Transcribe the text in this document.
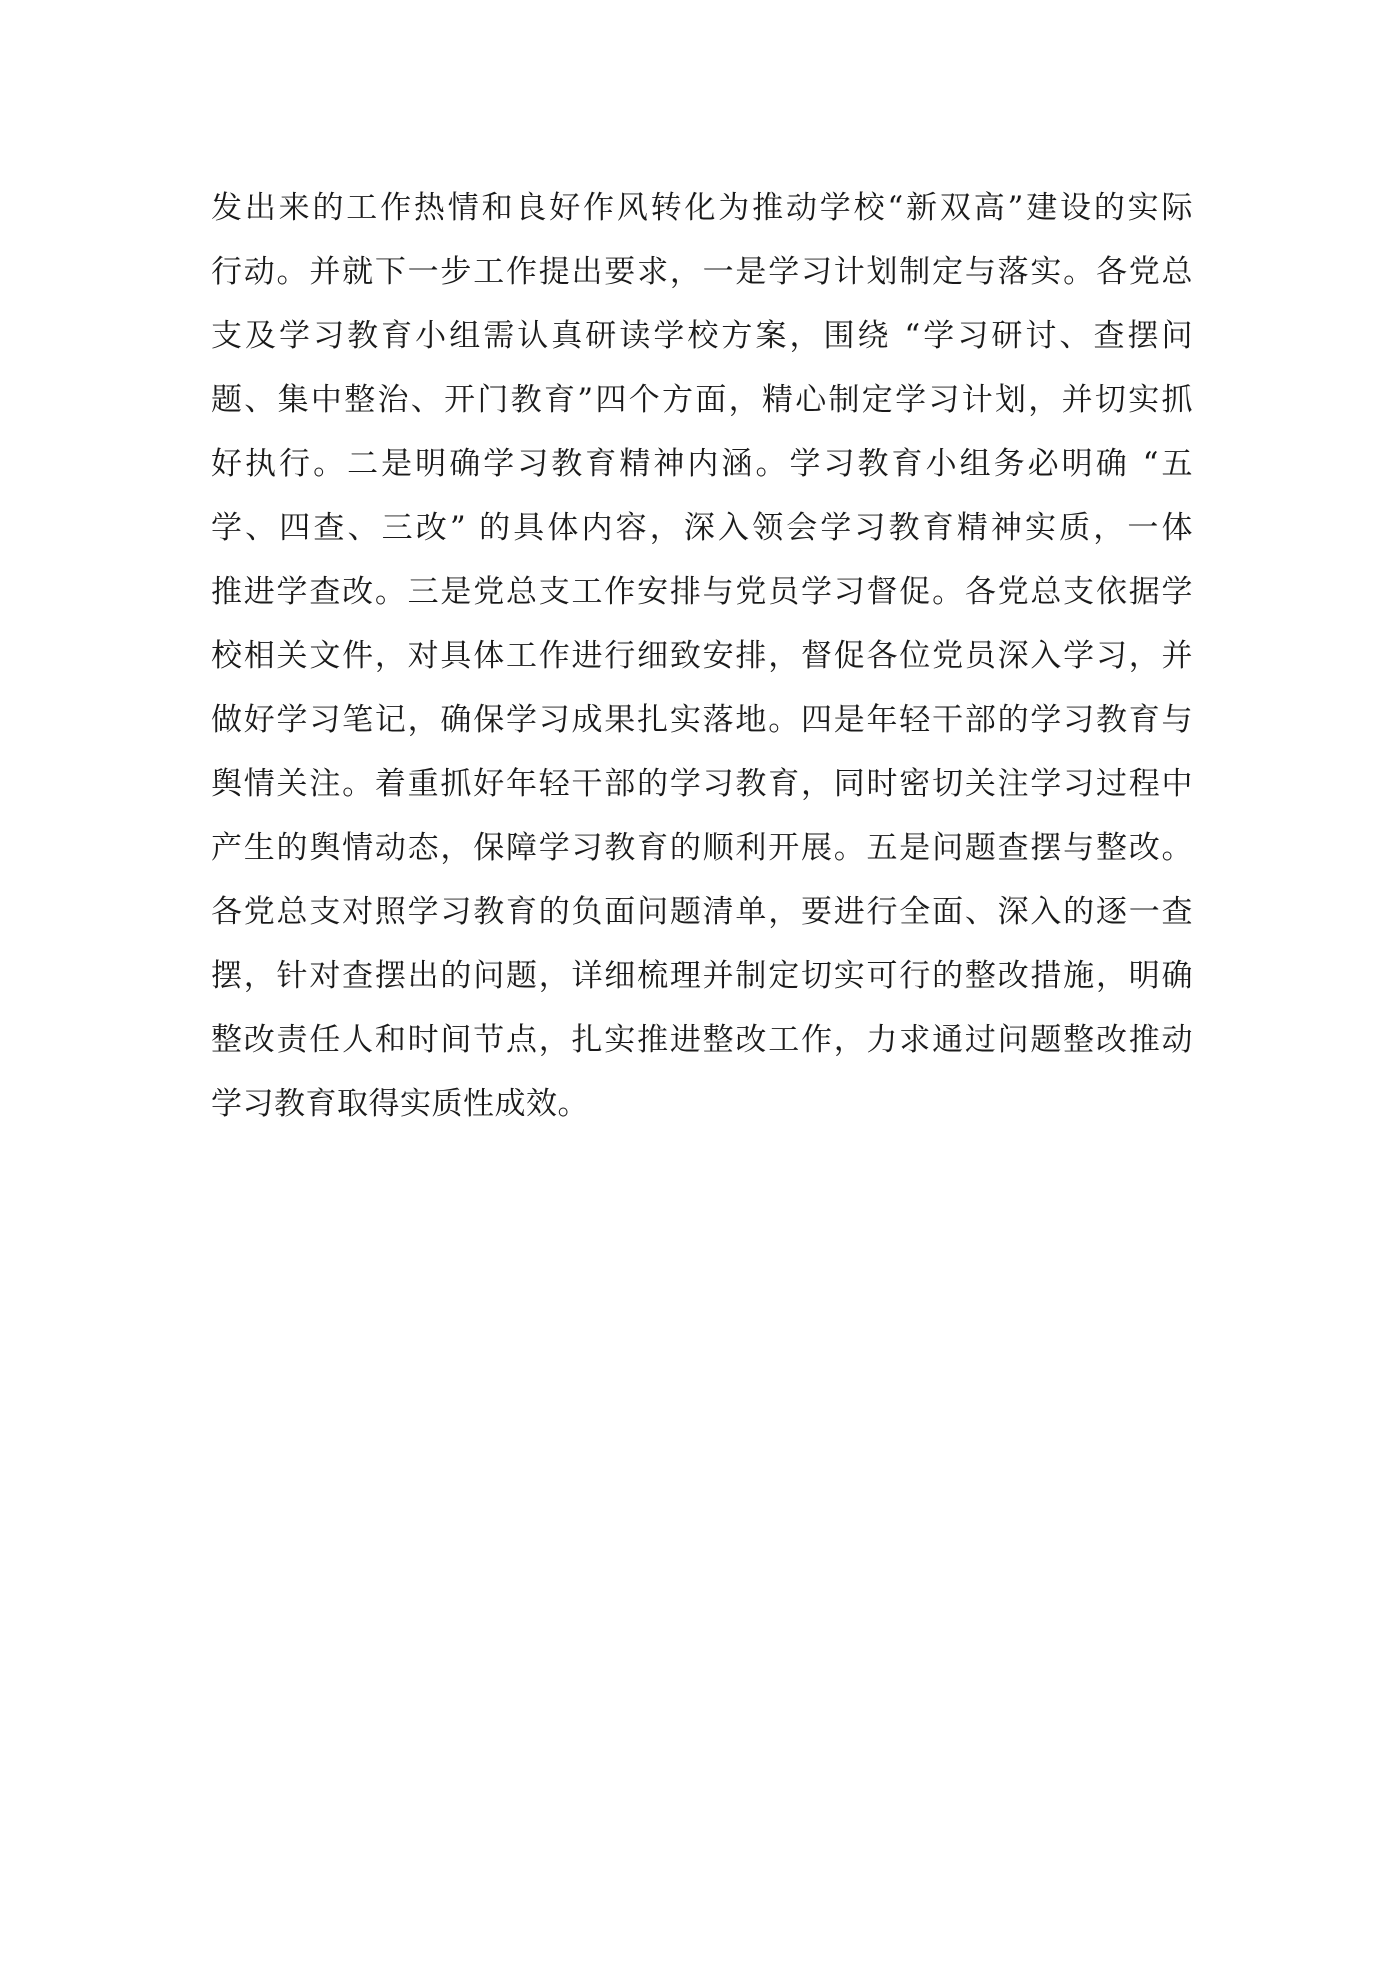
发出来的工作热情和良好作风转化为推动学校“新双高”建设的实际
行动。并就下一步工作提出要求，一是学习计划制定与落实。各党总
支及学习教育小组需认真研读学校方案，围绕 “学习研讨、查摆问
题、集中整治、开门教育”四个方面，精心制定学习计划，并切实抓
好执行。二是明确学习教育精神内涵。学习教育小组务必明确 “五
学、四查、三改” 的具体内容，深入领会学习教育精神实质，一体
推进学查改。三是党总支工作安排与党员学习督促。各党总支依据学
校相关文件，对具体工作进行细致安排，督促各位党员深入学习，并
做好学习笔记，确保学习成果扎实落地。四是年轻干部的学习教育与
舆情关注。着重抓好年轻干部的学习教育，同时密切关注学习过程中
产生的舆情动态，保障学习教育的顺利开展。五是问题查摆与整改。
各党总支对照学习教育的负面问题清单，要进行全面、深入的逐一查
摆，针对查摆出的问题，详细梳理并制定切实可行的整改措施，明确
整改责任人和时间节点，扎实推进整改工作，力求通过问题整改推动
学习教育取得实质性成效。
